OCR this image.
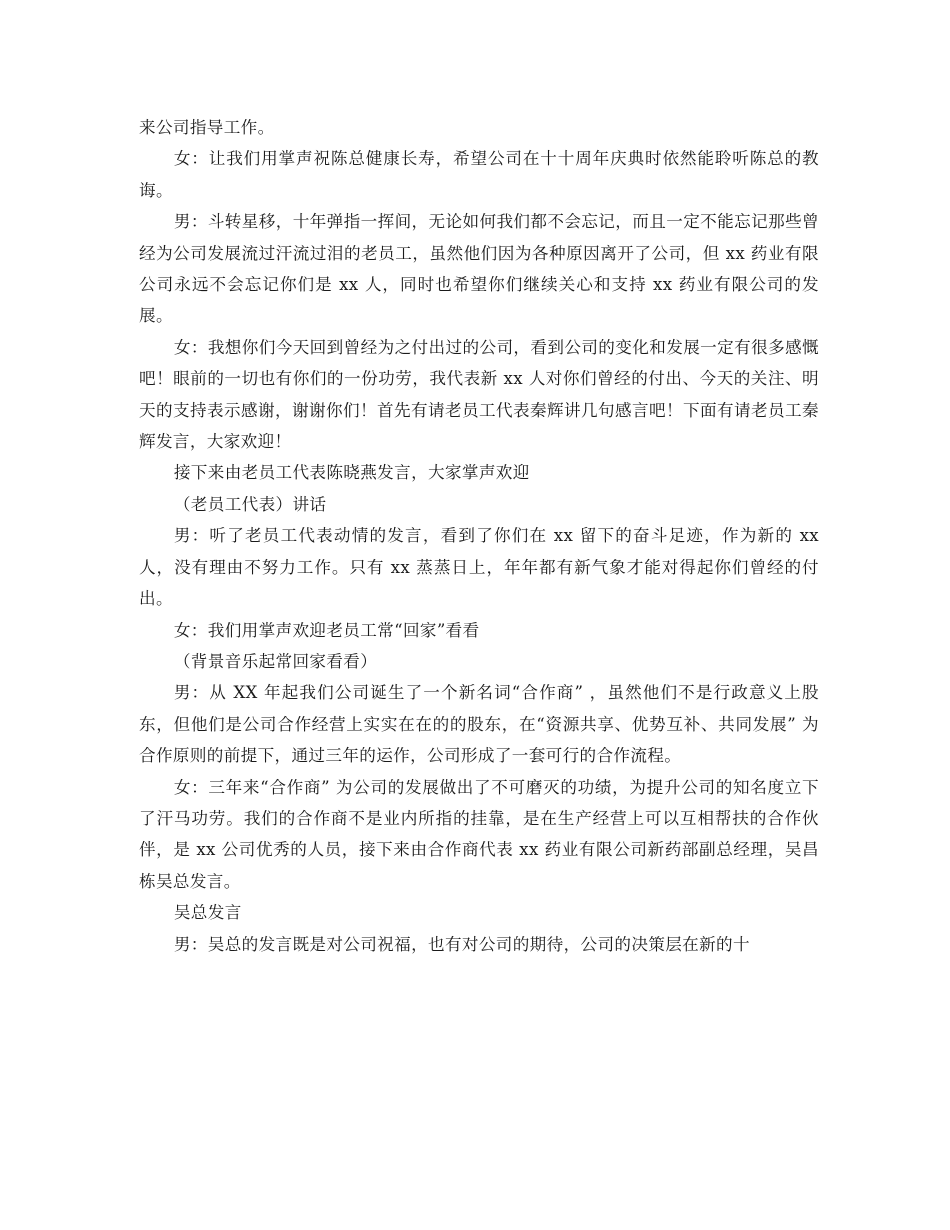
来公司指导工作。

女：让我们用掌声祝陈总健康长寿，希望公司在十十周年庆典时依然能聆听陈总的教诲。

男：斗转星移，十年弹指一挥间，无论如何我们都不会忘记，而且一定不能忘记那些曾经为公司发展流过汗流过泪的老员工，虽然他们因为各种原因离开了公司，但 xx 药业有限公司永远不会忘记你们是 xx 人，同时也希望你们继续关心和支持 xx 药业有限公司的发展。

女：我想你们今天回到曾经为之付出过的公司，看到公司的变化和发展一定有很多感慨吧！眼前的一切也有你们的一份功劳，我代表新 xx 人对你们曾经的付出、今天的关注、明天的支持表示感谢，谢谢你们！首先有请老员工代表秦辉讲几句感言吧！下面有请老员工秦辉发言，大家欢迎！

接下来由老员工代表陈晓燕发言，大家掌声欢迎

（老员工代表）讲话

男：听了老员工代表动情的发言，看到了你们在 xx 留下的奋斗足迹，作为新的 xx 人，没有理由不努力工作。只有 xx 蒸蒸日上，年年都有新气象才能对得起你们曾经的付出。

女：我们用掌声欢迎老员工常“回家”看看

（背景音乐起常回家看看）

男：从 XX 年起我们公司诞生了一个新名词“合作商” ，虽然他们不是行政意义上股东，但他们是公司合作经营上实实在在的的股东，在“资源共享、优势互补、共同发展” 为合作原则的前提下，通过三年的运作，公司形成了一套可行的合作流程。

女：三年来“合作商” 为公司的发展做出了不可磨灭的功绩，为提升公司的知名度立下了汗马功劳。我们的合作商不是业内所指的挂靠，是在生产经营上可以互相帮扶的合作伙伴，是 xx 公司优秀的人员，接下来由合作商代表 xx 药业有限公司新药部副总经理，吴昌栋吴总发言。

吴总发言

男：吴总的发言既是对公司祝福，也有对公司的期待，公司的决策层在新的十
